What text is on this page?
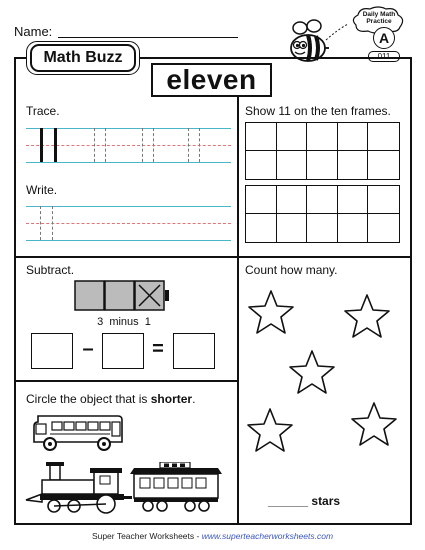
Name:
Daily Math Practice
A
011
Math Buzz
eleven
Trace.
Write.
Show 11 on the ten frames.
Subtract.
3  minus  1
–	=
Count how many.
______ stars
Circle the object that is shorter.
Super Teacher Worksheets - www.superteacherworksheets.com
